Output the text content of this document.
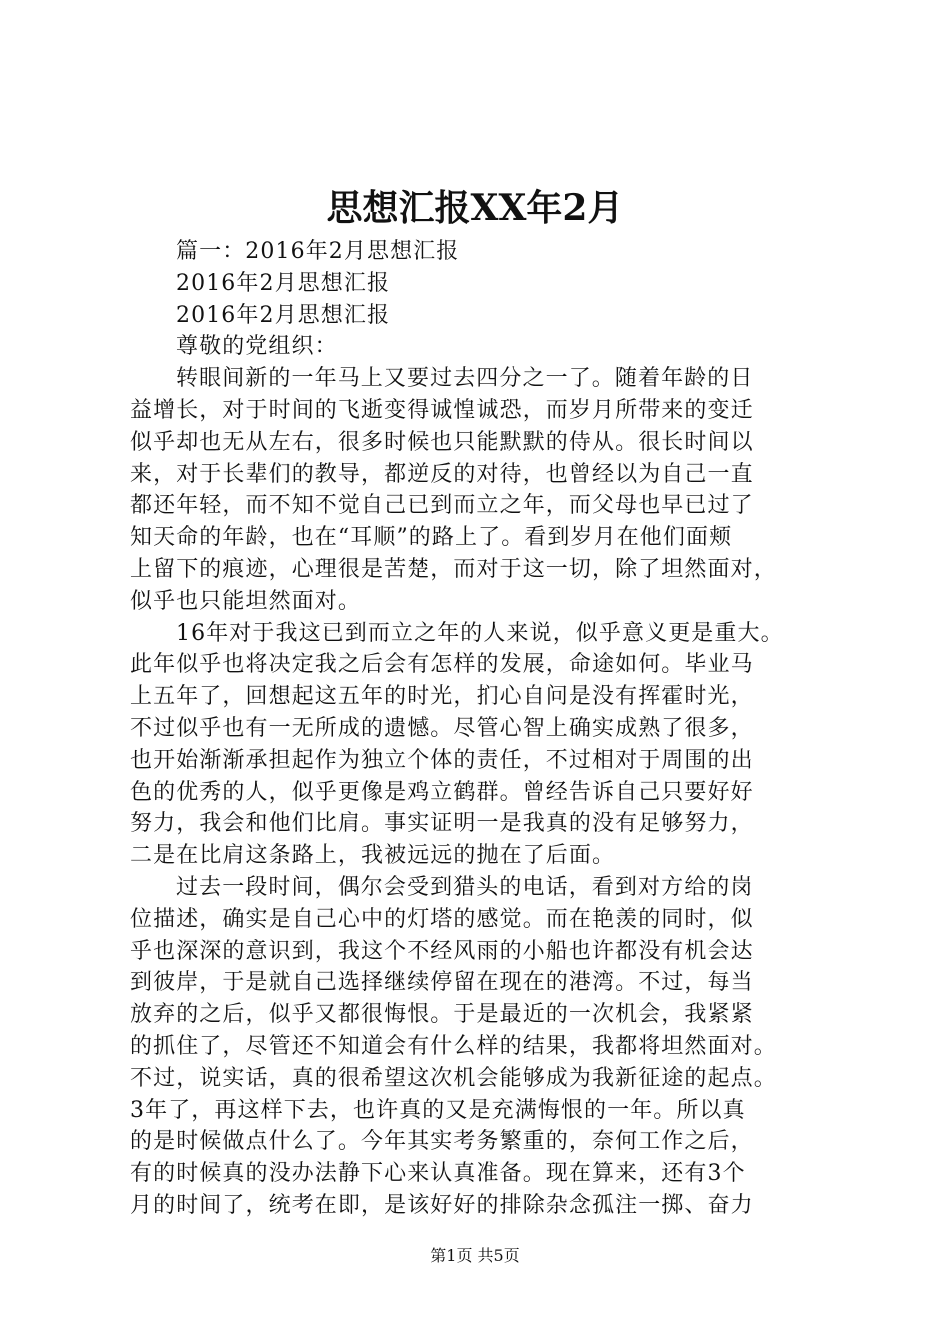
思想汇报XX年2月
篇一：2016年2月思想汇报
2016年2月思想汇报
2016年2月思想汇报
尊敬的党组织：
转眼间新的一年马上又要过去四分之一了。随着年龄的日
益增长，对于时间的飞逝变得诚惶诚恐，而岁月所带来的变迁
似乎却也无从左右，很多时候也只能默默的侍从。很长时间以
来，对于长辈们的教导，都逆反的对待，也曾经以为自己一直
都还年轻，而不知不觉自己已到而立之年，而父母也早已过了
知天命的年龄，也在“耳顺”的路上了。看到岁月在他们面颊
上留下的痕迹，心理很是苦楚，而对于这一切，除了坦然面对，
似乎也只能坦然面对。
16年对于我这已到而立之年的人来说，似乎意义更是重大。
此年似乎也将决定我之后会有怎样的发展，命途如何。毕业马
上五年了，回想起这五年的时光，扪心自问是没有挥霍时光，
不过似乎也有一无所成的遗憾。尽管心智上确实成熟了很多，
也开始渐渐承担起作为独立个体的责任，不过相对于周围的出
色的优秀的人，似乎更像是鸡立鹤群。曾经告诉自己只要好好
努力，我会和他们比肩。事实证明一是我真的没有足够努力，
二是在比肩这条路上，我被远远的抛在了后面。
过去一段时间，偶尔会受到猎头的电话，看到对方给的岗
位描述，确实是自己心中的灯塔的感觉。而在艳羡的同时，似
乎也深深的意识到，我这个不经风雨的小船也许都没有机会达
到彼岸，于是就自己选择继续停留在现在的港湾。不过，每当
放弃的之后，似乎又都很悔恨。于是最近的一次机会，我紧紧
的抓住了，尽管还不知道会有什么样的结果，我都将坦然面对。
不过，说实话，真的很希望这次机会能够成为我新征途的起点。
3年了，再这样下去，也许真的又是充满悔恨的一年。所以真
的是时候做点什么了。今年其实考务繁重的，奈何工作之后，
有的时候真的没办法静下心来认真准备。现在算来，还有3个
月的时间了，统考在即，是该好好的排除杂念孤注一掷、奋力
第1页 共5页
